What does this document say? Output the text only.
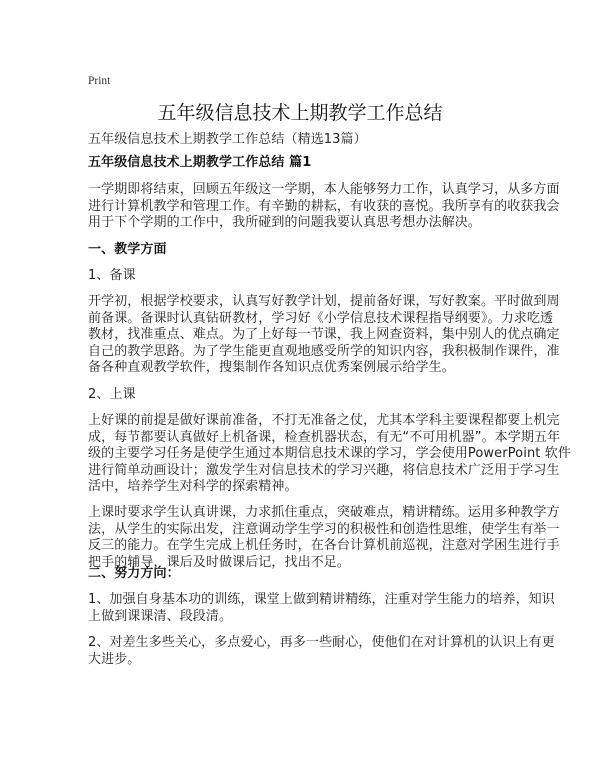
Print
五年级信息技术上期教学工作总结
五年级信息技术上期教学工作总结（精选13篇）
五年级信息技术上期教学工作总结 篇1
一学期即将结束，回顾五年级这一学期，本人能够努力工作，认真学习，从多方面
进行计算机教学和管理工作。有辛勤的耕耘，有收获的喜悦。我所享有的收获我会
用于下个学期的工作中，我所碰到的问题我要认真思考想办法解决。
一、教学方面
1、备课
开学初，根据学校要求，认真写好教学计划，提前备好课，写好教案。平时做到周
前备课。备课时认真钻研教材，学习好《小学信息技术课程指导纲要》。力求吃透
教材，找准重点、难点。为了上好每一节课，我上网查资料，集中别人的优点确定
自己的教学思路。为了学生能更直观地感受所学的知识内容，我积极制作课件，准
备各种直观教学软件，搜集制作各知识点优秀案例展示给学生。
2、上课
上好课的前提是做好课前准备，不打无准备之仗，尤其本学科主要课程都要上机完
成，每节都要认真做好上机备课，检查机器状态，有无“不可用机器”。本学期五年
级的主要学习任务是使学生通过本期信息技术课的学习，学会使用PowerPoint 软件
进行简单动画设计；激发学生对信息技术的学习兴趣，将信息技术广泛用于学习生
活中，培养学生对科学的探索精神。
上课时要求学生认真讲课，力求抓住重点，突破难点，精讲精练。运用多种教学方
法，从学生的实际出发，注意调动学生学习的积极性和创造性思维，使学生有举一
反三的能力。在学生完成上机任务时，在各台计算机前巡视，注意对学困生进行手
把手的辅导，课后及时做课后记，找出不足。
二、努力方向：
1、加强自身基本功的训练，课堂上做到精讲精练，注重对学生能力的培养，知识
上做到课课清、段段清。
2、对差生多些关心，多点爱心，再多一些耐心，使他们在对计算机的认识上有更
大进步。
